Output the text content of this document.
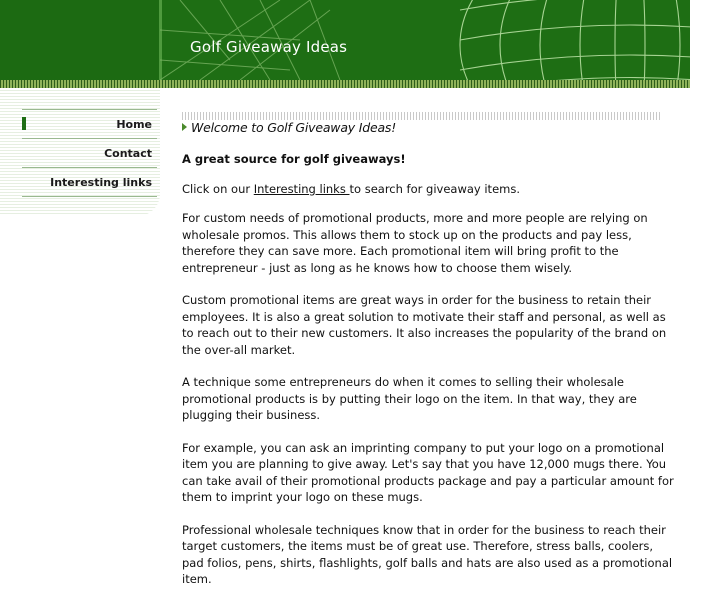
Golf Giveaway Ideas
Home
Contact
Interesting links
Welcome to Golf Giveaway Ideas!

A great source for golf giveaways!

Click on our Interesting links to search for giveaway items.

For custom needs of promotional products, more and more people are relying on wholesale promos. This allows them to stock up on the products and pay less, therefore they can save more. Each promotional item will bring profit to the entrepreneur - just as long as he knows how to choose them wisely.

Custom promotional items are great ways in order for the business to retain their employees. It is also a great solution to motivate their staff and personal, as well as to reach out to their new customers. It also increases the popularity of the brand on the over-all market.

A technique some entrepreneurs do when it comes to selling their wholesale promotional products is by putting their logo on the item. In that way, they are plugging their business.

For example, you can ask an imprinting company to put your logo on a promotional item you are planning to give away. Let's say that you have 12,000 mugs there. You can take avail of their promotional products package and pay a particular amount for them to imprint your logo on these mugs.

Professional wholesale techniques know that in order for the business to reach their target customers, the items must be of great use. Therefore, stress balls, coolers, pad folios, pens, shirts, flashlights, golf balls and hats are also used as a promotional item.
